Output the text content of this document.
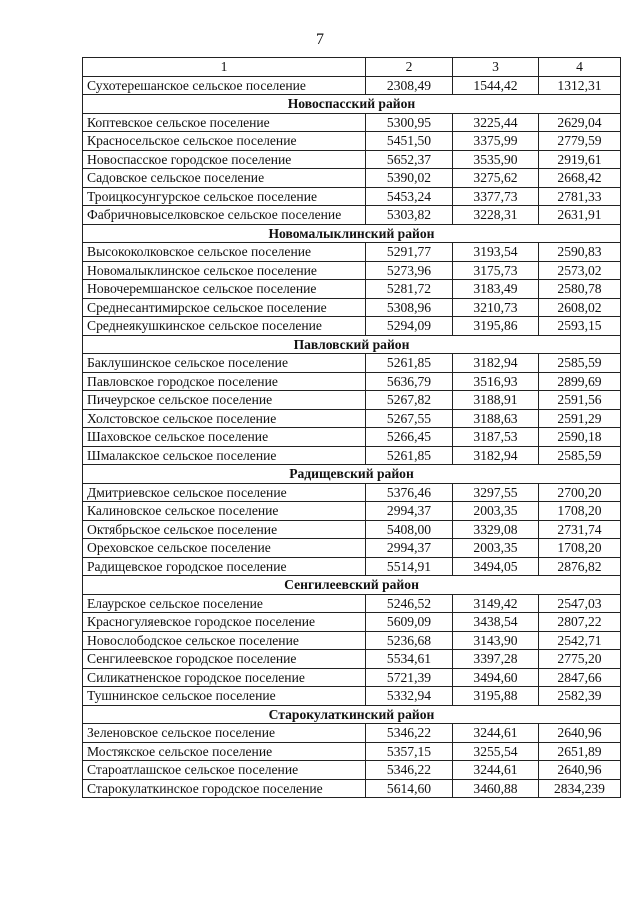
7
1	2	3	4
Сухотерешанское сельское поселение	2308,49	1544,42	1312,31
Новоспасский район			
Коптевское сельское поселение	5300,95	3225,44	2629,04
Красносельское сельское поселение	5451,50	3375,99	2779,59
Новоспасское городское поселение	5652,37	3535,90	2919,61
Садовское сельское поселение	5390,02	3275,62	2668,42
Троицкосунгурское сельское поселение	5453,24	3377,73	2781,33
Фабричновыселковское сельское поселение	5303,82	3228,31	2631,91
Новомалыклинский район			
Высококолковское сельское поселение	5291,77	3193,54	2590,83
Новомалыклинское сельское поселение	5273,96	3175,73	2573,02
Новочеремшанское сельское поселение	5281,72	3183,49	2580,78
Среднесантимирское сельское поселение	5308,96	3210,73	2608,02
Среднеякушкинское сельское поселение	5294,09	3195,86	2593,15
Павловский район			
Баклушинское сельское поселение	5261,85	3182,94	2585,59
Павловское городское поселение	5636,79	3516,93	2899,69
Пичеурское сельское поселение	5267,82	3188,91	2591,56
Холстовское сельское поселение	5267,55	3188,63	2591,29
Шаховское сельское поселение	5266,45	3187,53	2590,18
Шмалакское сельское поселение	5261,85	3182,94	2585,59
Радищевский район			
Дмитриевское сельское поселение	5376,46	3297,55	2700,20
Калиновское сельское поселение	2994,37	2003,35	1708,20
Октябрьское сельское поселение	5408,00	3329,08	2731,74
Ореховское сельское поселение	2994,37	2003,35	1708,20
Радищевское городское поселение	5514,91	3494,05	2876,82
Сенгилеевский район			
Елаурское сельское поселение	5246,52	3149,42	2547,03
Красногуляевское городское поселение	5609,09	3438,54	2807,22
Новослободское сельское поселение	5236,68	3143,90	2542,71
Сенгилеевское городское поселение	5534,61	3397,28	2775,20
Силикатненское городское поселение	5721,39	3494,60	2847,66
Тушнинское сельское поселение	5332,94	3195,88	2582,39
Старокулаткинский район			
Зеленовское сельское поселение	5346,22	3244,61	2640,96
Мостякское сельское поселение	5357,15	3255,54	2651,89
Староатлашское сельское поселение	5346,22	3244,61	2640,96
Старокулаткинское городское поселение	5614,60	3460,88	2834,239
